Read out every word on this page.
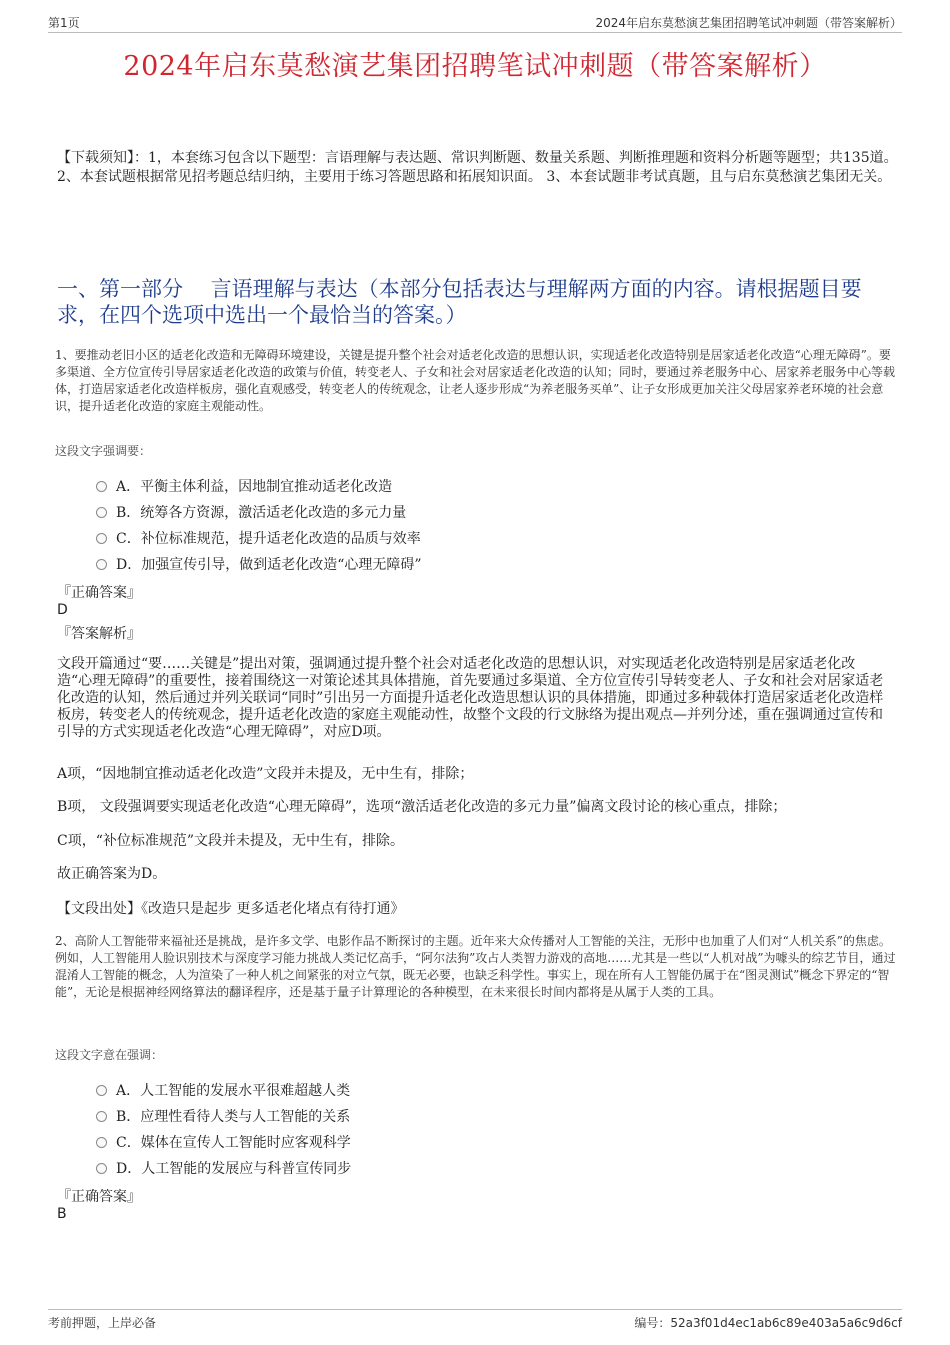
第1页	2024年启东莫愁演艺集团招聘笔试冲刺题（带答案解析）
2024年启东莫愁演艺集团招聘笔试冲刺题（带答案解析）
【下载须知】：1，本套练习包含以下题型：言语理解与表达题、常识判断题、数量关系题、判断推理题和资料分析题等题型；共135道。 2、本套试题根据常见招考题总结归纳，主要用于练习答题思路和拓展知识面。 3、本套试题非考试真题，且与启东莫愁演艺集团无关。
一、第一部分　 言语理解与表达（本部分包括表达与理解两方面的内容。请根据题目要求，在四个选项中选出一个最恰当的答案。）
1、要推动老旧小区的适老化改造和无障碍环境建设，关键是提升整个社会对适老化改造的思想认识，实现适老化改造特别是居家适老化改造“心理无障碍”。要多渠道、全方位宣传引导居家适老化改造的政策与价值，转变老人、子女和社会对居家适老化改造的认知；同时，要通过养老服务中心、居家养老服务中心等载体，打造居家适老化改造样板房，强化直观感受，转变老人的传统观念，让老人逐步形成“为养老服务买单”、让子女形成更加关注父母居家养老环境的社会意识，提升适老化改造的家庭主观能动性。
这段文字强调要：
A．平衡主体利益，因地制宜推动适老化改造
B．统筹各方资源，激活适老化改造的多元力量
C．补位标准规范，提升适老化改造的品质与效率
D．加强宣传引导，做到适老化改造“心理无障碍”
『正确答案』
D
『答案解析』
文段开篇通过“要……关键是”提出对策，强调通过提升整个社会对适老化改造的思想认识，对实现适老化改造特别是居家适老化改造“心理无障碍”的重要性，接着围绕这一对策论述其具体措施，首先要通过多渠道、全方位宣传引导转变老人、子女和社会对居家适老化改造的认知，然后通过并列关联词“同时”引出另一方面提升适老化改造思想认识的具体措施，即通过多种载体打造居家适老化改造样板房，转变老人的传统观念，提升适老化改造的家庭主观能动性，故整个文段的行文脉络为提出观点—并列分述，重在强调通过宣传和引导的方式实现适老化改造“心理无障碍”，对应D项。
A项，“因地制宜推动适老化改造”文段并未提及，无中生有，排除；
B项， 文段强调要实现适老化改造“心理无障碍”，选项“激活适老化改造的多元力量”偏离文段讨论的核心重点，排除；
C项，“补位标准规范”文段并未提及，无中生有，排除。
故正确答案为D。
【文段出处】《改造只是起步 更多适老化堵点有待打通》
2、高阶人工智能带来福祉还是挑战，是许多文学、电影作品不断探讨的主题。近年来大众传播对人工智能的关注，无形中也加重了人们对“人机关系”的焦虑。例如，人工智能用人脸识别技术与深度学习能力挑战人类记忆高手，“阿尔法狗”攻占人类智力游戏的高地……尤其是一些以“人机对战”为噱头的综艺节目，通过混淆人工智能的概念，人为渲染了一种人机之间紧张的对立气氛，既无必要，也缺乏科学性。事实上，现在所有人工智能仍属于在“图灵测试”概念下界定的“智能”，无论是根据神经网络算法的翻译程序，还是基于量子计算理论的各种模型，在未来很长时间内都将是从属于人类的工具。
这段文字意在强调：
A．人工智能的发展水平很难超越人类
B．应理性看待人类与人工智能的关系
C．媒体在宣传人工智能时应客观科学
D．人工智能的发展应与科普宣传同步
『正确答案』
B
考前押题，上岸必备	编号：52a3f01d4ec1ab6c89e403a5a6c9d6cf
